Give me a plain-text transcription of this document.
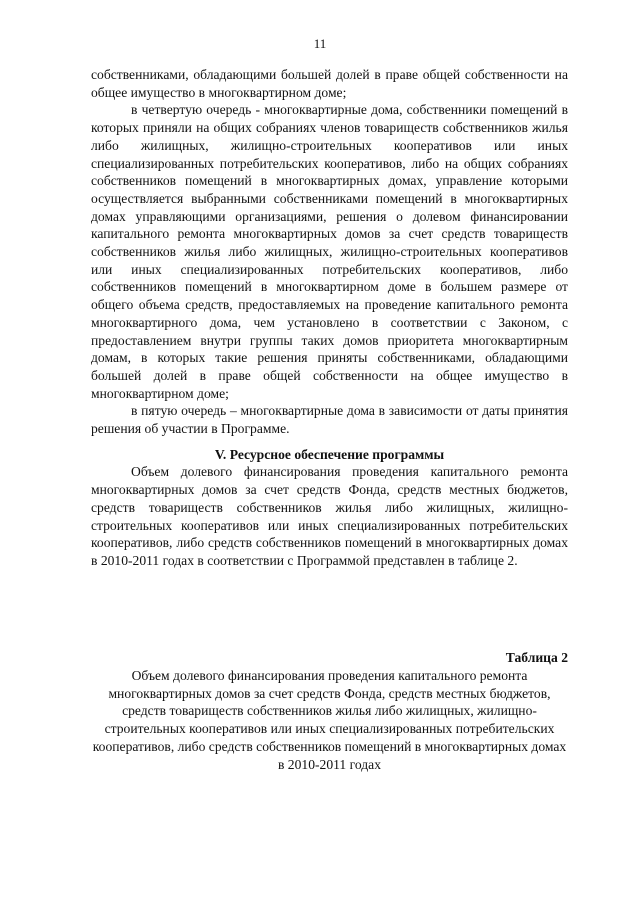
11

собственниками, обладающими большей долей в праве общей собственности на общее имущество в многоквартирном доме;

в четвертую очередь - многоквартирные дома, собственники помещений в которых приняли на общих собраниях членов товариществ собственников жилья либо жилищных, жилищно-строительных кооперативов или иных специализированных потребительских кооперативов, либо на общих собраниях собственников помещений в многоквартирных домах, управление которыми осуществляется выбранными собственниками помещений в многоквартирных домах управляющими организациями, решения о долевом финансировании капитального ремонта многоквартирных домов за счет средств товариществ собственников жилья либо жилищных, жилищно-строительных кооперативов или иных специализированных потребительских кооперативов, либо собственников помещений в многоквартирном доме в большем размере от общего объема средств, предоставляемых на проведение капитального ремонта многоквартирного дома, чем установлено в соответствии с Законом, с предоставлением внутри группы таких домов приоритета многоквартирным домам, в которых такие решения приняты собственниками, обладающими большей долей в праве общей собственности на общее имущество в многоквартирном доме;

в пятую очередь – многоквартирные дома в зависимости от даты принятия решения об участии в Программе.

V. Ресурсное обеспечение программы

Объем долевого финансирования проведения капитального ремонта многоквартирных домов за счет средств Фонда, средств местных бюджетов, средств товариществ собственников жилья либо жилищных, жилищно-строительных кооперативов или иных специализированных потребительских кооперативов, либо средств собственников помещений в многоквартирных домах в 2010-2011 годах в соответствии с Программой представлен в таблице 2.

Таблица 2
Объем долевого финансирования проведения капитального ремонта многоквартирных домов за счет средств Фонда, средств местных бюджетов, средств товариществ собственников жилья либо жилищных, жилищно-строительных кооперативов или иных специализированных потребительских кооперативов, либо средств собственников помещений в многоквартирных домах в 2010-2011 годах
